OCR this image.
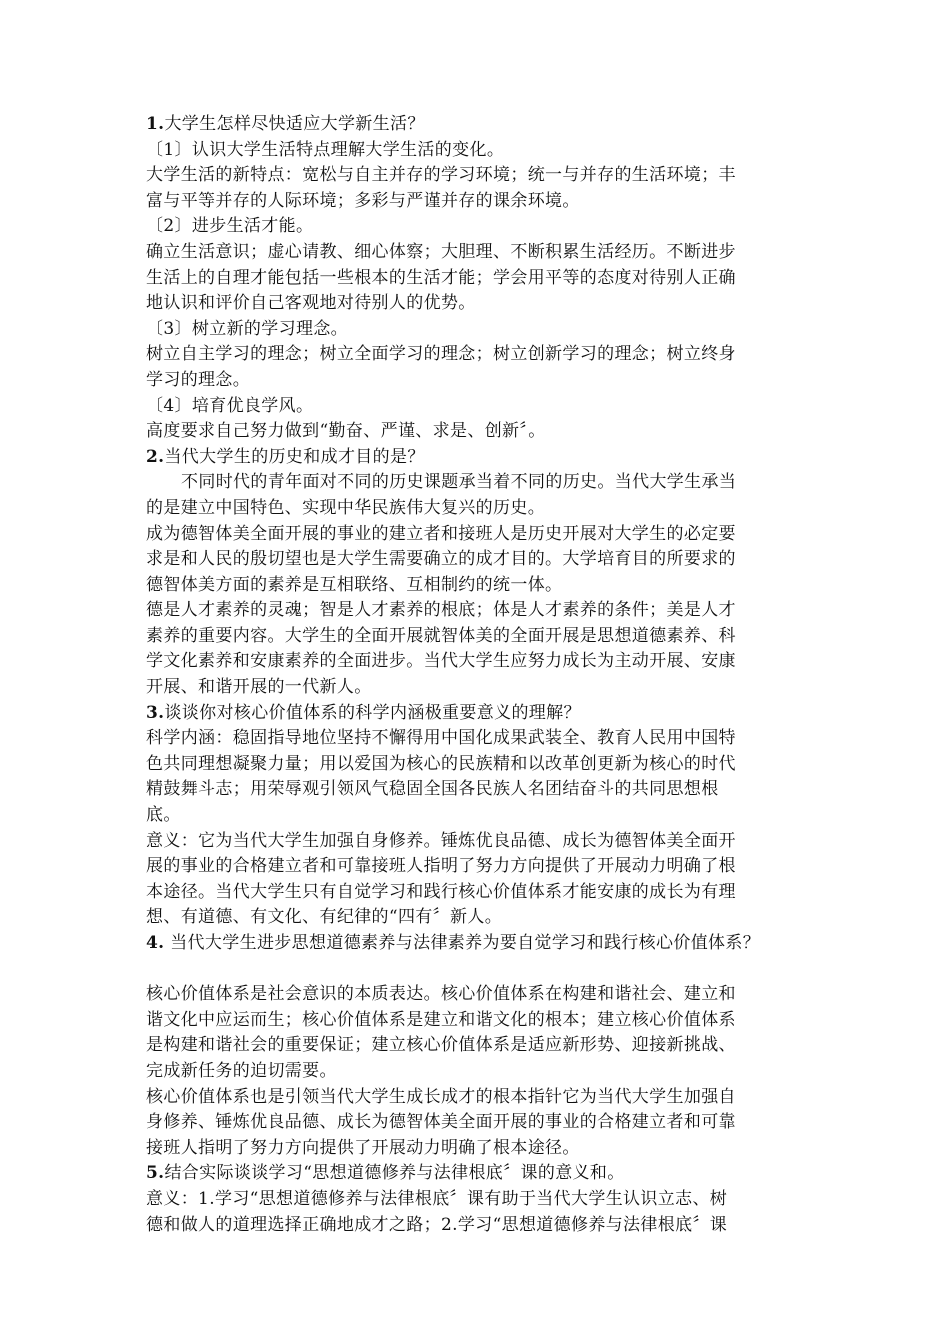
1.大学生怎样尽快适应大学新生活？
〔1〕认识大学生活特点理解大学生活的变化。
大学生活的新特点：宽松与自主并存的学习环境；统一与并存的生活环境；丰
富与平等并存的人际环境；多彩与严谨并存的课余环境。
〔2〕进步生活才能。
确立生活意识；虚心请教、细心体察；大胆理、不断积累生活经历。不断进步
生活上的自理才能包括一些根本的生活才能；学会用平等的态度对待别人正确
地认识和评价自己客观地对待别人的优势。
〔3〕树立新的学习理念。
树立自主学习的理念；树立全面学习的理念；树立创新学习的理念；树立终身
学习的理念。
〔4〕培育优良学风。
高度要求自己努力做到“勤奋、严谨、求是、创新〞。
2.当代大学生的历史和成才目的是？
不同时代的青年面对不同的历史课题承当着不同的历史。当代大学生承当
的是建立中国特色、实现中华民族伟大复兴的历史。
成为德智体美全面开展的事业的建立者和接班人是历史开展对大学生的必定要
求是和人民的殷切望也是大学生需要确立的成才目的。大学培育目的所要求的
德智体美方面的素养是互相联络、互相制约的统一体。
德是人才素养的灵魂；智是人才素养的根底；体是人才素养的条件；美是人才
素养的重要内容。大学生的全面开展就智体美的全面开展是思想道德素养、科
学文化素养和安康素养的全面进步。当代大学生应努力成长为主动开展、安康
开展、和谐开展的一代新人。
3.谈谈你对核心价值体系的科学内涵极重要意义的理解？
科学内涵：稳固指导地位坚持不懈得用中国化成果武装全、教育人民用中国特
色共同理想凝聚力量；用以爱国为核心的民族精和以改革创更新为核心的时代
精鼓舞斗志；用荣辱观引领风气稳固全国各民族人名团结奋斗的共同思想根
底。
意义：它为当代大学生加强自身修养。锤炼优良品德、成长为德智体美全面开
展的事业的合格建立者和可靠接班人指明了努力方向提供了开展动力明确了根
本途径。当代大学生只有自觉学习和践行核心价值体系才能安康的成长为有理
想、有道德、有文化、有纪律的“四有〞新人。
4. 当代大学生进步思想道德素养与法律素养为要自觉学习和践行核心价值体系？
核心价值体系是社会意识的本质表达。核心价值体系在构建和谐社会、建立和
谐文化中应运而生；核心价值体系是建立和谐文化的根本；建立核心价值体系
是构建和谐社会的重要保证；建立核心价值体系是适应新形势、迎接新挑战、
完成新任务的迫切需要。
核心价值体系也是引领当代大学生成长成才的根本指针它为当代大学生加强自
身修养、锤炼优良品德、成长为德智体美全面开展的事业的合格建立者和可靠
接班人指明了努力方向提供了开展动力明确了根本途径。
5.结合实际谈谈学习“思想道德修养与法律根底〞课的意义和。
意义：1.学习“思想道德修养与法律根底〞课有助于当代大学生认识立志、树
德和做人的道理选择正确地成才之路；2.学习“思想道德修养与法律根底〞课
